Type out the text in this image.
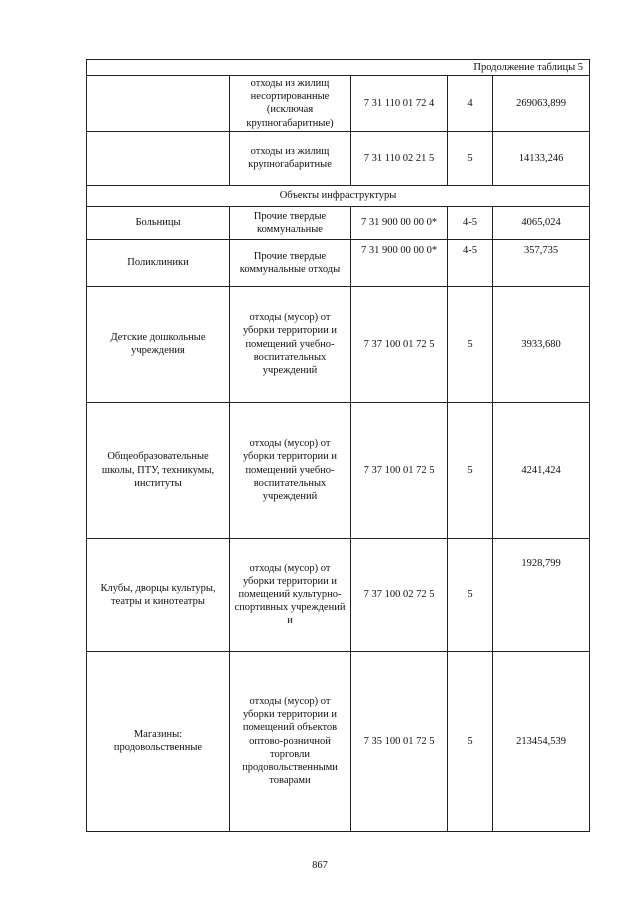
Продолжение таблицы 5				
	отходы из жилищ несортированные (исключая крупногабаритные)	7 31 110 01 72 4	4	269063,899
	отходы из жилищ крупногабаритные	7 31 110 02 21 5	5	14133,246
Объекты инфраструктуры				
Больницы	Прочие твердые коммунальные	7 31 900 00 00 0*	4-5	4065,024
Поликлиники	Прочие твердые коммунальные отходы	7 31 900 00 00 0*	4-5	357,735
Детские дошкольные учреждения	отходы (мусор) от уборки территории и помещений учебно-воспитательных учреждений	7 37 100 01 72 5	5	3933,680
Общеобразовательные школы, ПТУ, техникумы, институты	отходы (мусор) от уборки территории и помещений учебно-воспитательных учреждений	7 37 100 01 72 5	5	4241,424
Клубы, дворцы культуры, театры и кинотеатры	отходы (мусор) от уборки территории и помещений культурно-спортивных учреждений и	7 37 100 02 72 5	5	1928,799
Магазины: продовольственные	отходы (мусор) от уборки территории и помещений объектов оптово-розничной торговли продовольственными товарами	7 35 100 01 72 5	5	213454,539
867
